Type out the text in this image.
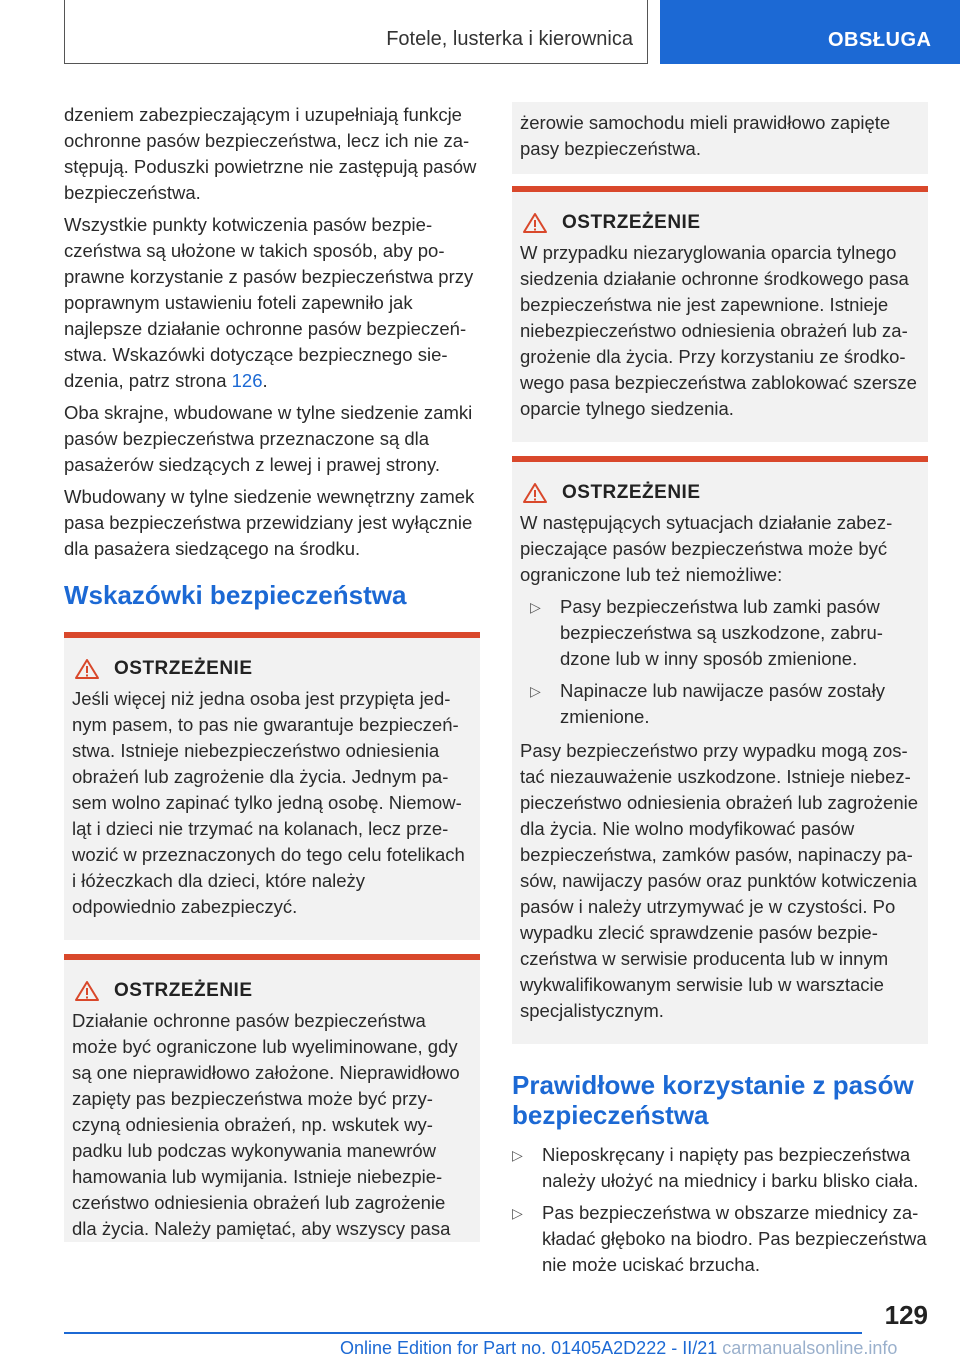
Fotele, lusterka i kierownica	OBSŁUGA

dzeniem zabezpieczającym i uzupełniają funkcje ochronne pasów bezpieczeństwa, lecz ich nie zastępują. Poduszki powietrzne nie zastępują pasów bezpieczeństwa.

Wszystkie punkty kotwiczenia pasów bezpieczeństwa są ułożone w takich sposób, aby poprawne korzystanie z pasów bezpieczeństwa przy poprawnym ustawieniu foteli zapewniło jak najlepsze działanie ochronne pasów bezpieczeństwa. Wskazówki dotyczące bezpiecznego siedzenia, patrz strona 126.

Oba skrajne, wbudowane w tylne siedzenie zamki pasów bezpieczeństwa przeznaczone są dla pasażerów siedzących z lewej i prawej strony.

Wbudowany w tylne siedzenie wewnętrzny zamek pasa bezpieczeństwa przewidziany jest wyłącznie dla pasażera siedzącego na środku.

Wskazówki bezpieczeństwa
OSTRZEŻENIE

Jeśli więcej niż jedna osoba jest przypięta jednym pasem, to pas nie gwarantuje bezpieczeństwa. Istnieje niebezpieczeństwo odniesienia obrażeń lub zagrożenie dla życia. Jednym pasem wolno zapinać tylko jedną osobę. Niemowląt i dzieci nie trzymać na kolanach, lecz przewozić w przeznaczonych do tego celu fotelikach i łóżeczkach dla dzieci, które należy odpowiednio zabezpieczyć.

OSTRZEŻENIE

Działanie ochronne pasów bezpieczeństwa może być ograniczone lub wyeliminowane, gdy są one nieprawidłowo założone. Nieprawidłowo zapięty pas bezpieczeństwa może być przyczyną odniesienia obrażeń, np. wskutek wypadku lub podczas wykonywania manewrów hamowania lub wymijania. Istnieje niebezpieczeństwo odniesienia obrażeń lub zagrożenie dla życia. Należy pamiętać, aby wszyscy pasa

żerowie samochodu mieli prawidłowo zapięte pasy bezpieczeństwa.

OSTRZEŻENIE

W przypadku niezaryglowania oparcia tylnego siedzenia działanie ochronne środkowego pasa bezpieczeństwa nie jest zapewnione. Istnieje niebezpieczeństwo odniesienia obrażeń lub zagrożenie dla życia. Przy korzystaniu ze środkowego pasa bezpieczeństwa zablokować szersze oparcie tylnego siedzenia.

OSTRZEŻENIE

W następujących sytuacjach działanie zabezpieczające pasów bezpieczeństwa może być ograniczone lub też niemożliwe:

▷ Pasy bezpieczeństwa lub zamki pasów bezpieczeństwa są uszkodzone, zabrudzone lub w inny sposób zmienione.
▷ Napinacze lub nawijacze pasów zostały zmienione.

Pasy bezpieczeństwo przy wypadku mogą zostać niezauważenie uszkodzone. Istnieje niebezpieczeństwo odniesienia obrażeń lub zagrożenie dla życia. Nie wolno modyfikować pasów bezpieczeństwa, zamków pasów, napinaczy pasów, nawijaczy pasów oraz punktów kotwiczenia pasów i należy utrzymywać je w czystości. Po wypadku zlecić sprawdzenie pasów bezpieczeństwa w serwisie producenta lub w innym wykwalifikowanym serwisie lub w warsztacie specjalistycznym.

Prawidłowe korzystanie z pasów bezpieczeństwa
▷ Nieposkręcany i napięty pas bezpieczeństwa należy ułożyć na miednicy i barku blisko ciała.
▷ Pas bezpieczeństwa w obszarze miednicy zakładać głęboko na biodro. Pas bezpieczeństwa nie może uciskać brzucha.
129
Online Edition for Part no. 01405A2D222 - II/21 carmanualsonline.info
